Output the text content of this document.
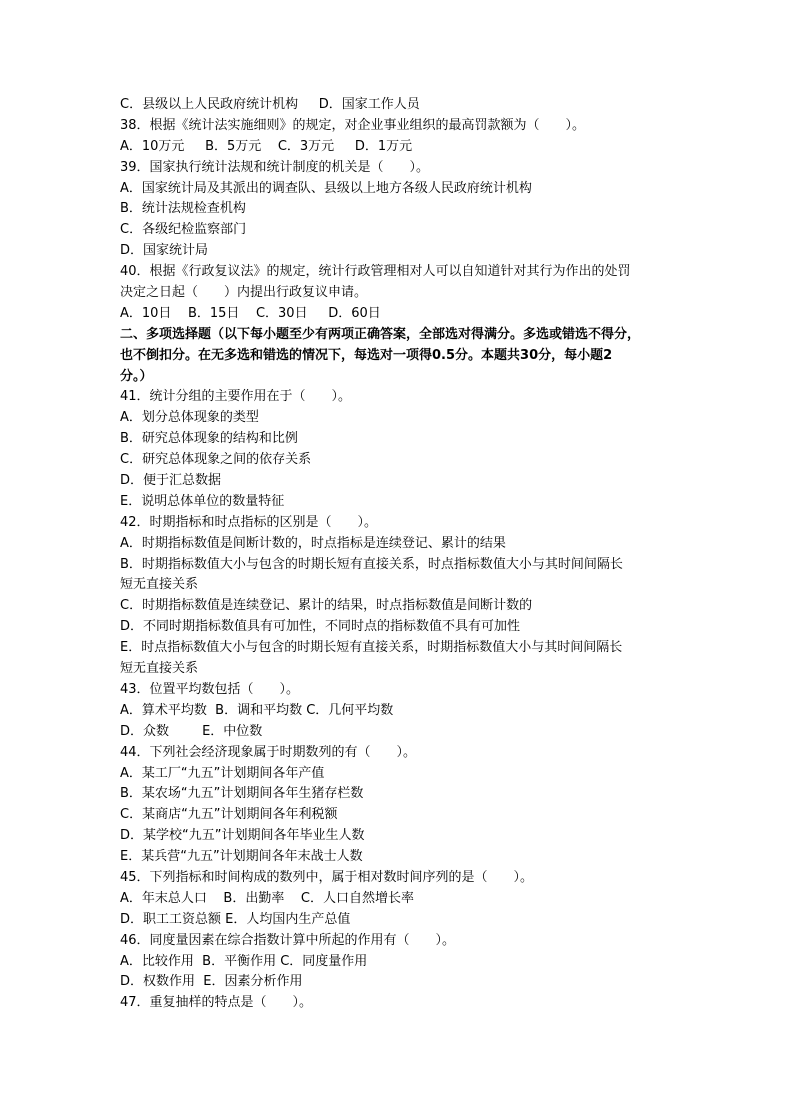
C．县级以上人民政府统计机构     D．国家工作人员
38．根据《统计法实施细则》的规定，对企业事业组织的最高罚款额为（　　）。
A．10万元     B．5万元    C．3万元     D．1万元
39．国家执行统计法规和统计制度的机关是（　　）。
A．国家统计局及其派出的调查队、县级以上地方各级人民政府统计机构
B．统计法规检查机构
C．各级纪检监察部门
D．国家统计局
40．根据《行政复议法》的规定，统计行政管理相对人可以自知道针对其行为作出的处罚
决定之日起（　　）内提出行政复议申请。
A．10日    B．15日    C．30日     D．60日
二、多项选择题（以下每小题至少有两项正确答案，全部选对得满分。多选或错选不得分，
也不倒扣分。在无多选和错选的情况下，每选对一项得0.5分。本题共30分，每小题2
分。）
41．统计分组的主要作用在于（　　）。
A．划分总体现象的类型
B．研究总体现象的结构和比例
C．研究总体现象之间的依存关系
D．便于汇总数据
E．说明总体单位的数量特征
42．时期指标和时点指标的区别是（　　）。
A．时期指标数值是间断计数的，时点指标是连续登记、累计的结果
B．时期指标数值大小与包含的时期长短有直接关系，时点指标数值大小与其时间间隔长
短无直接关系
C．时期指标数值是连续登记、累计的结果，时点指标数值是间断计数的
D．不同时期指标数值具有可加性，不同时点的指标数值不具有可加性
E．时点指标数值大小与包含的时期长短有直接关系，时期指标数值大小与其时间间隔长
短无直接关系
43．位置平均数包括（　　）。
A．算术平均数  B．调和平均数 C．几何平均数
D．众数        E．中位数
44．下列社会经济现象属于时期数列的有（　　）。
A．某工厂“九五”计划期间各年产值
B．某农场“九五”计划期间各年生猪存栏数
C．某商店“九五”计划期间各年利税额
D．某学校“九五”计划期间各年毕业生人数
E．某兵营“九五”计划期间各年末战士人数
45．下列指标和时间构成的数列中，属于相对数时间序列的是（　　）。
A．年末总人口    B．出勤率    C．人口自然增长率
D．职工工资总额 E．人均国内生产总值
46．同度量因素在综合指数计算中所起的作用有（　　）。
A．比较作用  B．平衡作用 C．同度量作用
D．权数作用  E．因素分析作用
47．重复抽样的特点是（　　）。
